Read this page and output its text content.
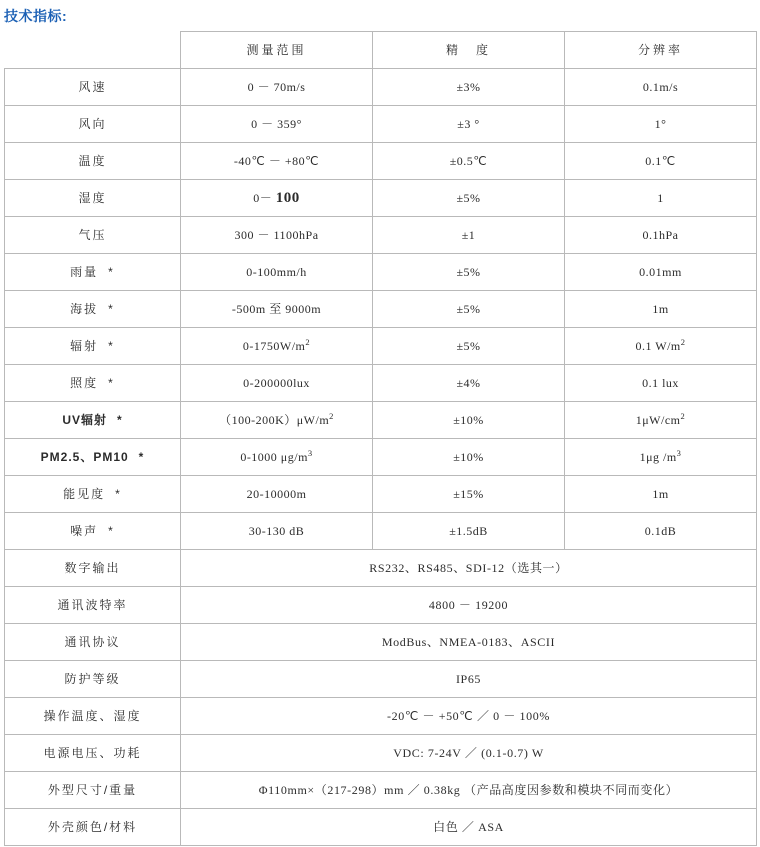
技术指标:
	测量范围	精　度	分辨率
风速	0 － 70m/s	±3%	0.1m/s
风向	0 － 359°	±3 °	1°
温度	-40℃ － +80℃	±0.5℃	0.1℃
湿度	0－ 100	±5%	1
气压	300 － 1100hPa	±1	0.1hPa
雨量 *	0-100mm/h	±5%	0.01mm
海拔 *	-500m 至 9000m	±5%	1m
辐射 *	$0-1750W/m^2$	±5%	0.1 $W/m^2$
照度 *	0-200000lux	±4%	0.1 lux
UV辐射 *	$(100-200K)\mu W/m^2$	±10%	$1\mu W/cm^2$
PM2.5、PM10 *	0-1000 $\mu g/m^3$	±10%	1μg $/m^3$
能见度 *	20-10000m	±15%	1m
噪声 *	30-130 dB	±1.5dB	0.1dB
数字输出	RS232、RS485、SDI-12（选其一）		
通讯波特率	4800 － 19200		
通讯协议	ModBus、NMEA-0183、ASCII		
防护等级	IP65		
操作温度、湿度	-20℃ － +50℃ ／ 0 － 100%		
电源电压、功耗	VDC: 7-24V ／ (0.1-0.7) W		
外型尺寸/重量	Φ110mm×（217-298）mm ／ 0.38kg （产品高度因参数和模块不同而变化）		
外壳颜色/材料	白色 ／ ASA		
